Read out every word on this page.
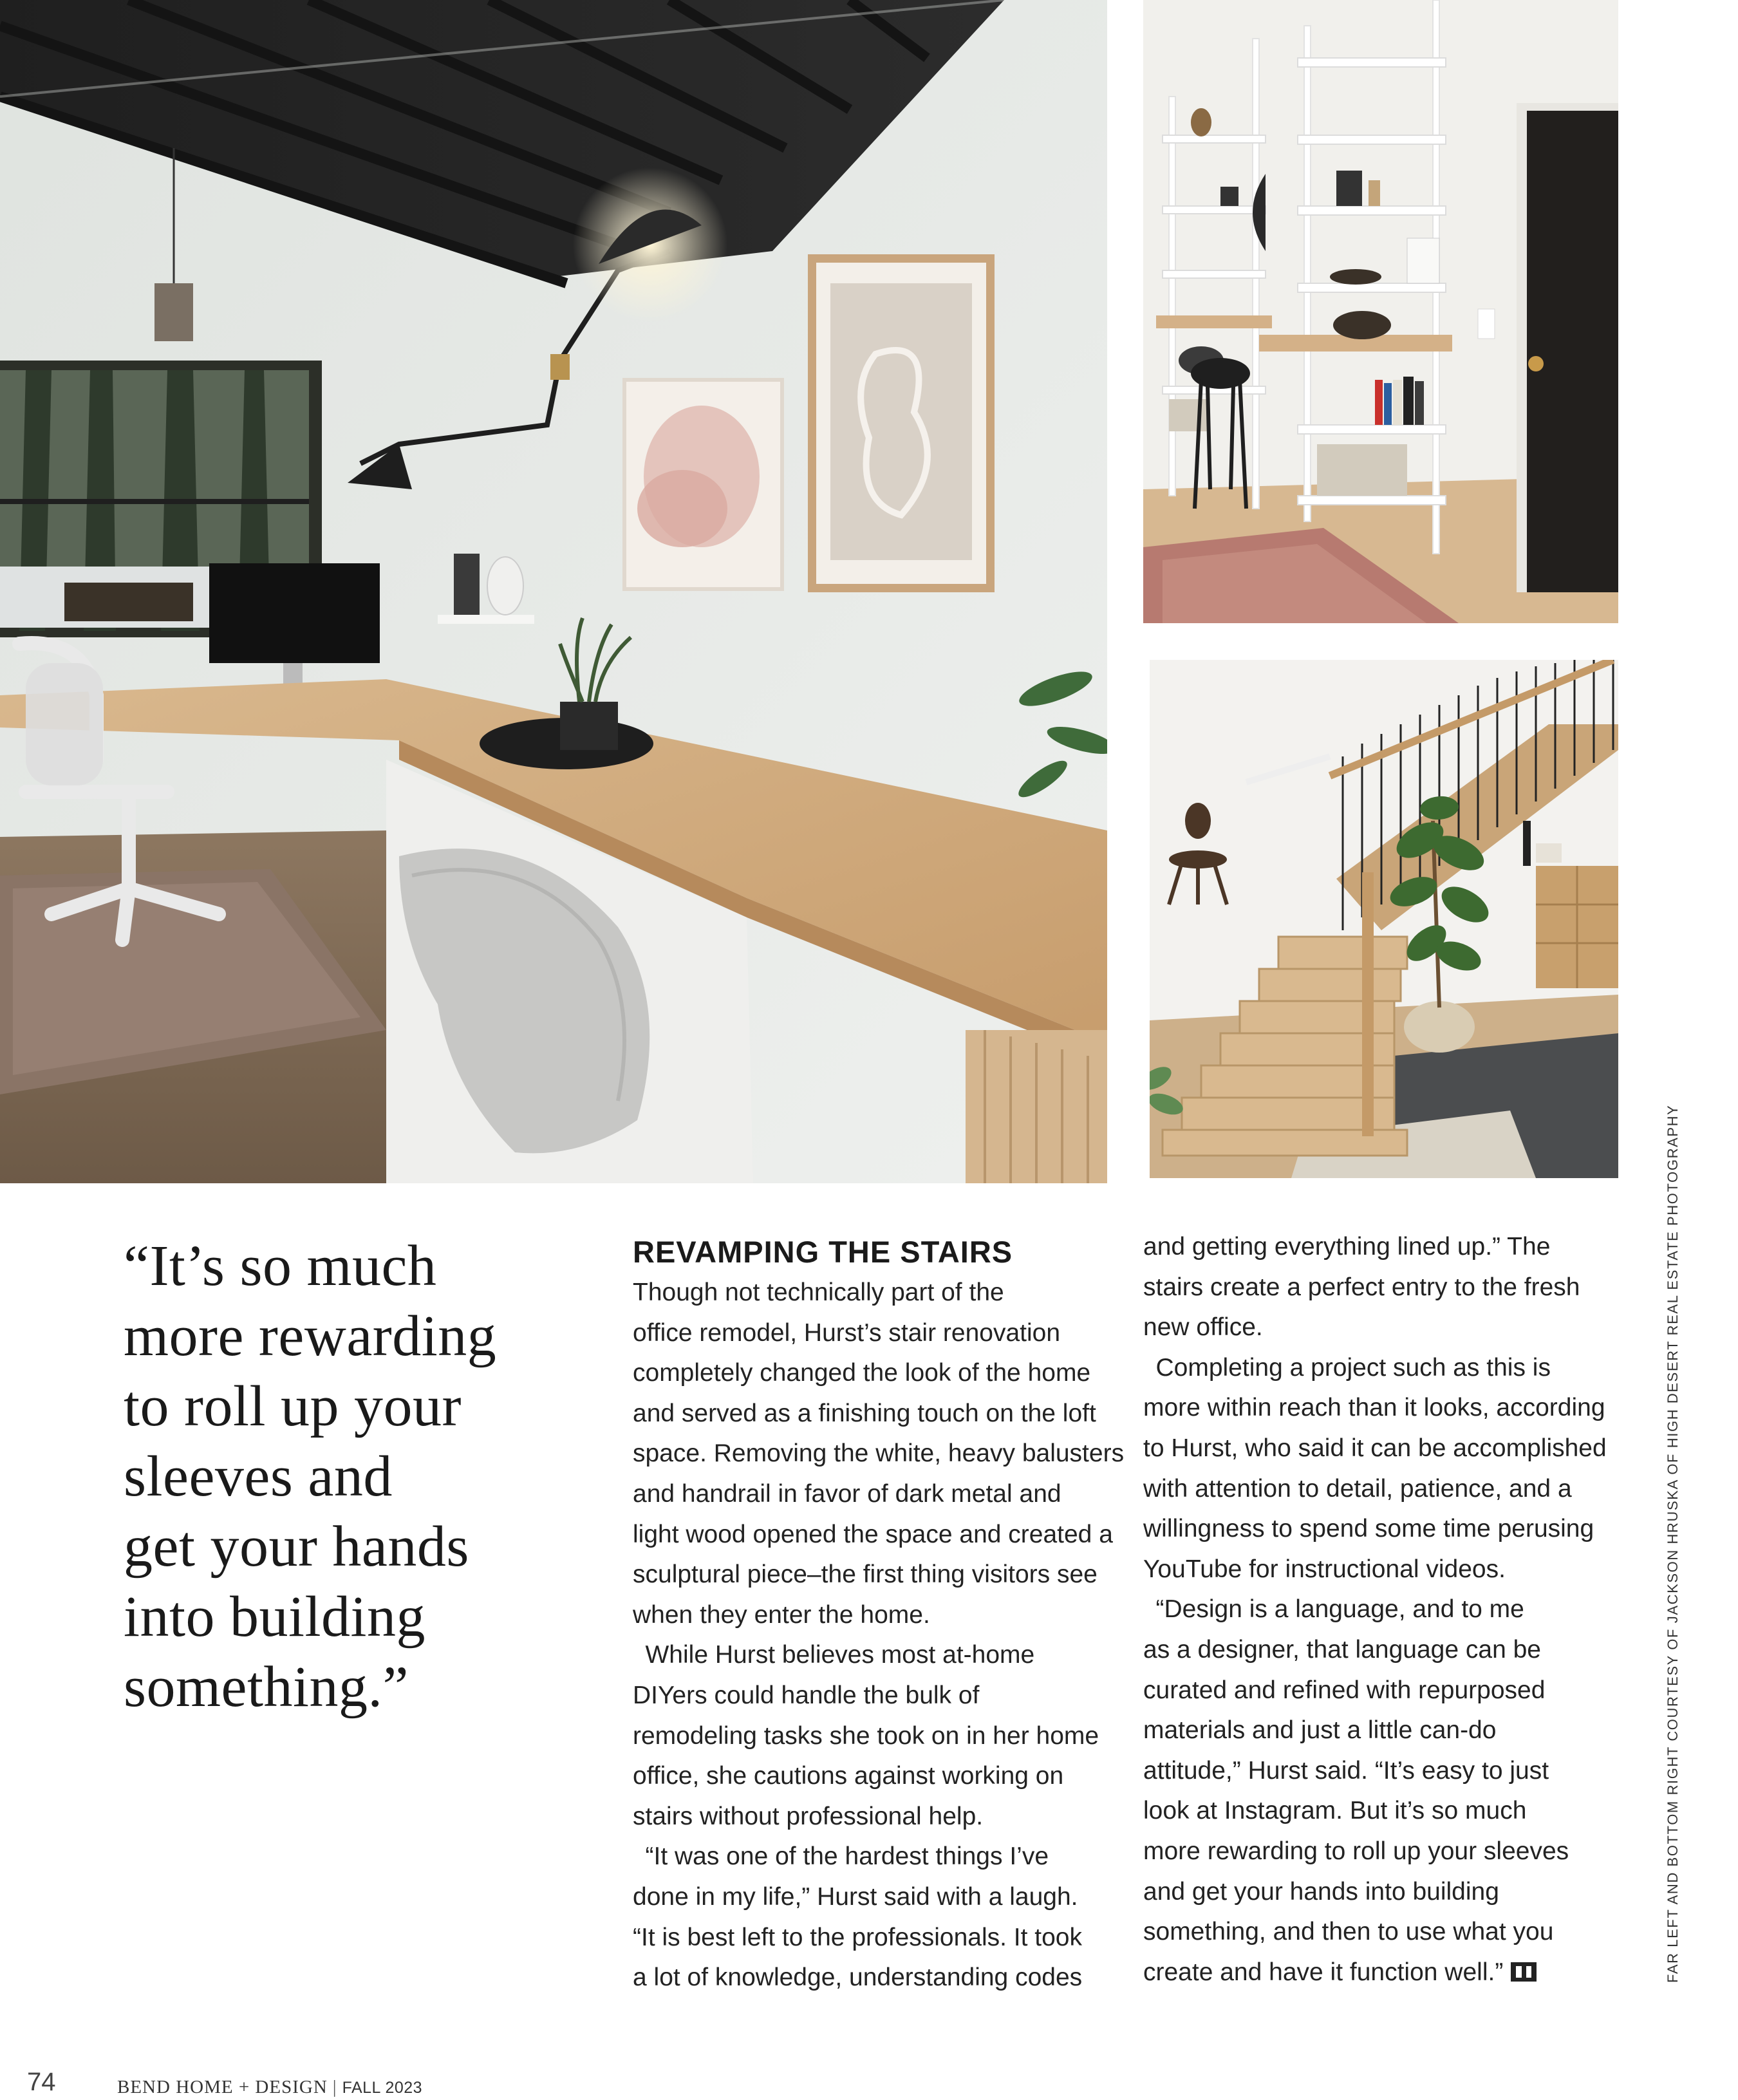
“It’s so much
more rewarding
to roll up your
sleeves and
get your hands
into building
something.”
REVAMPING THE STAIRS
Though not technically part of the
office remodel, Hurst’s stair renovation
completely changed the look of the home
and served as a finishing touch on the loft
space. Removing the white, heavy balusters
and handrail in favor of dark metal and
light wood opened the space and created a
sculptural piece–the first thing visitors see
when they enter the home.
 While Hurst believes most at-home
DIYers could handle the bulk of
remodeling tasks she took on in her home
office, she cautions against working on
stairs without professional help.
 “It was one of the hardest things I’ve
done in my life,” Hurst said with a laugh.
“It is best left to the professionals. It took
a lot of knowledge, understanding codes
and getting everything lined up.” The
stairs create a perfect entry to the fresh
new office.
 Completing a project such as this is
more within reach than it looks, according
to Hurst, who said it can be accomplished
with attention to detail, patience, and a
willingness to spend some time perusing
YouTube for instructional videos.
 “Design is a language, and to me
as a designer, that language can be
curated and refined with repurposed
materials and just a little can-do
attitude,” Hurst said. “It’s easy to just
look at Instagram. But it’s so much
more rewarding to roll up your sleeves
and get your hands into building
something, and then to use what you
create and have it function well.”	FAR LEFT AND BOTTOM RIGHT COURTESY OF JACKSON HRUSKA OF HIGH DESERT REAL ESTATE PHOTOGRAPHY
74	BEND HOME + DESIGN | FALL 2023
